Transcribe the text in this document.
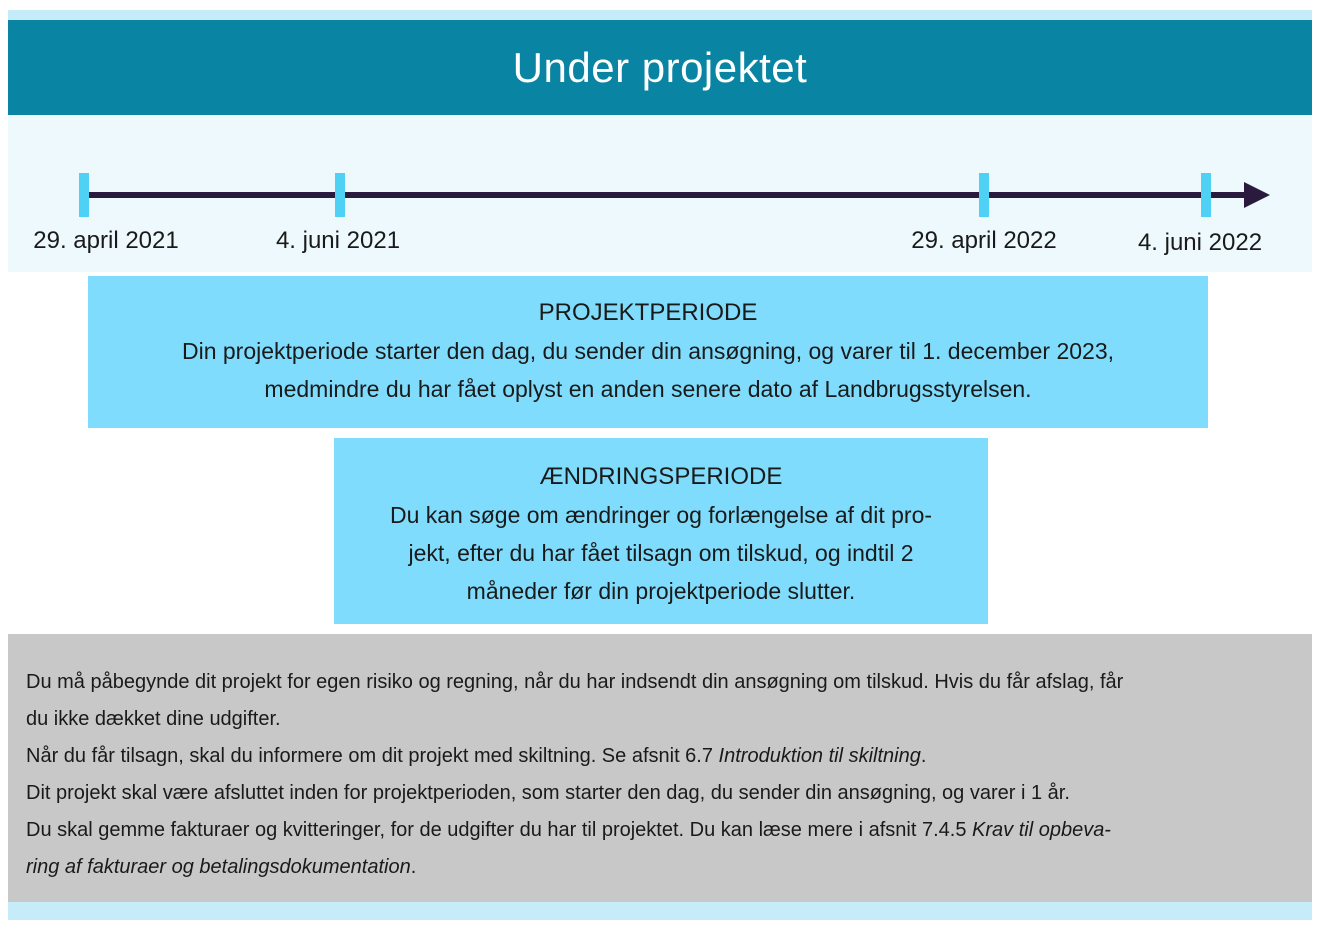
Under projektet
29. april 2021	4. juni 2021	29. april 2022	4. juni 2022
PROJEKTPERIODE
Din projektperiode starter den dag, du sender din ansøgning, og varer til 1. december 2023,
medmindre du har fået oplyst en anden senere dato af Landbrugsstyrelsen.
ÆNDRINGSPERIODE
Du kan søge om ændringer og forlængelse af dit pro-
jekt, efter du har fået tilsagn om tilskud, og indtil 2
måneder før din projektperiode slutter.
Du må påbegynde dit projekt for egen risiko og regning, når du har indsendt din ansøgning om tilskud. Hvis du får afslag, får
du ikke dækket dine udgifter.
Når du får tilsagn, skal du informere om dit projekt med skiltning. Se afsnit 6.7 Introduktion til skiltning.
Dit projekt skal være afsluttet inden for projektperioden, som starter den dag, du sender din ansøgning, og varer i 1 år.
Du skal gemme fakturaer og kvitteringer, for de udgifter du har til projektet. Du kan læse mere i afsnit 7.4.5 Krav til opbeva-
ring af fakturaer og betalingsdokumentation.
